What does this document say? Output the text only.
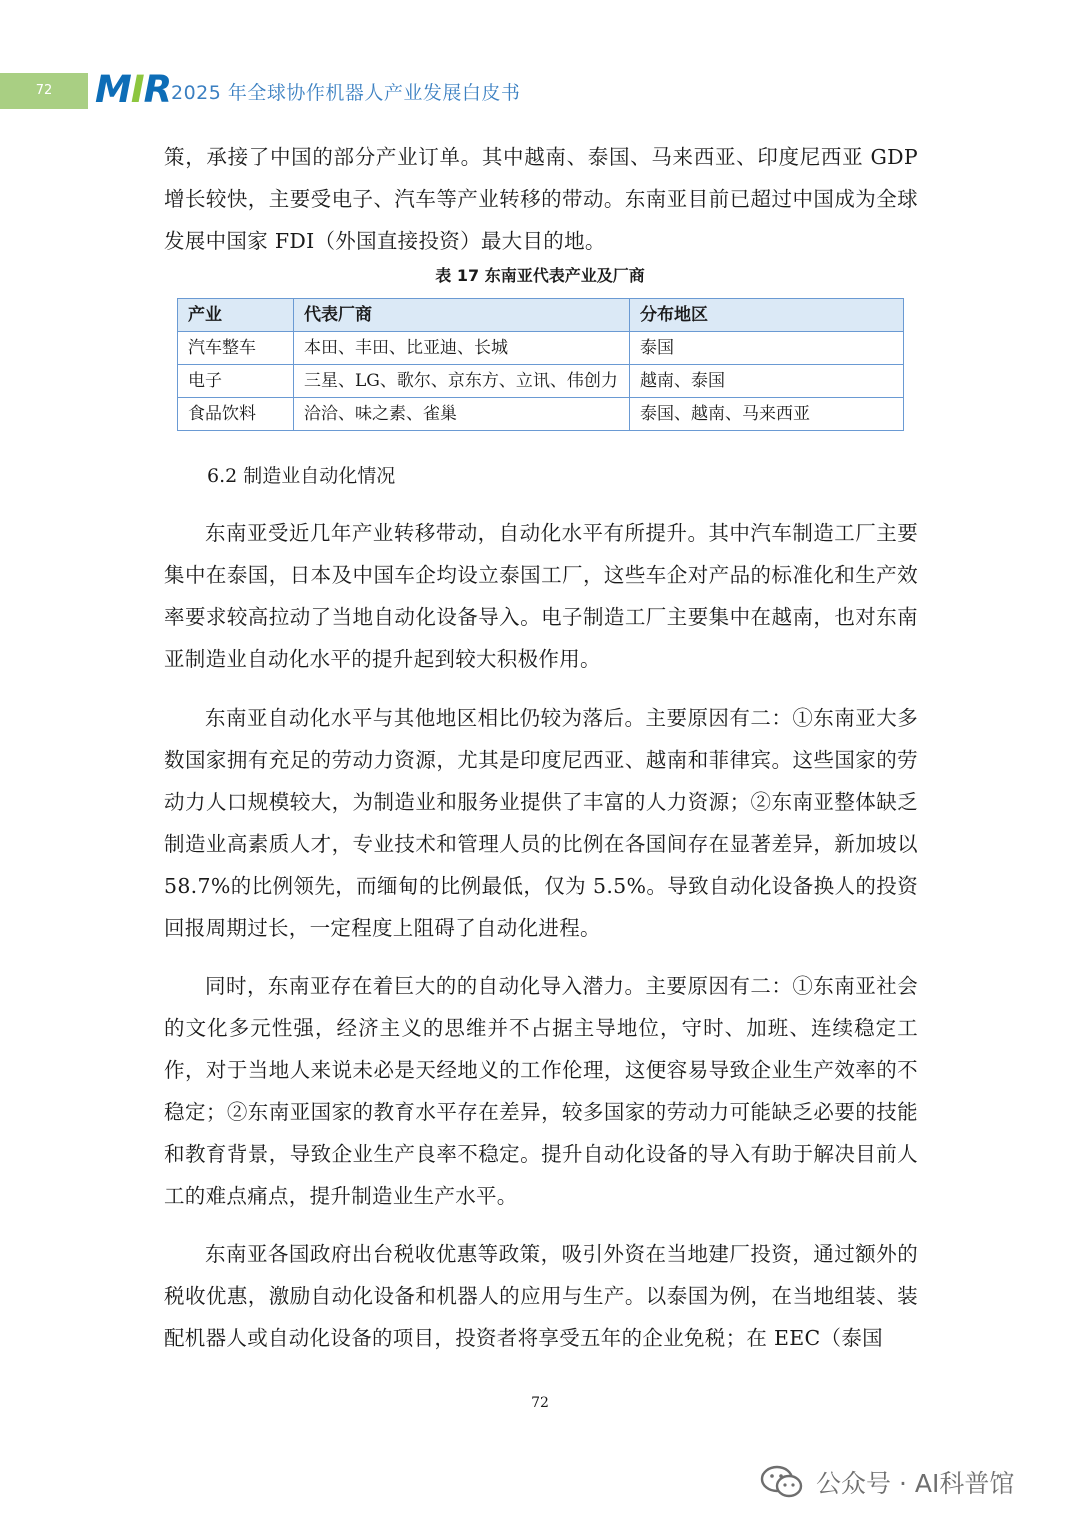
72	MIR 2025 年全球协作机器人产业发展白皮书

策，承接了中国的部分产业订单。其中越南、泰国、马来西亚、印度尼西亚 GDP 增长较快，主要受电子、汽车等产业转移的带动。东南亚目前已超过中国成为全球发展中国家 FDI（外国直接投资）最大目的地。

表 17 东南亚代表产业及厂商
产业	代表厂商	分布地区
汽车整车	本田、丰田、比亚迪、长城	泰国
电子	三星、LG、歌尔、京东方、立讯、伟创力	越南、泰国
食品饮料	洽洽、味之素、雀巢	泰国、越南、马来西亚
6.2 制造业自动化情况

东南亚受近几年产业转移带动，自动化水平有所提升。其中汽车制造工厂主要集中在泰国，日本及中国车企均设立泰国工厂，这些车企对产品的标准化和生产效率要求较高拉动了当地自动化设备导入。电子制造工厂主要集中在越南，也对东南亚制造业自动化水平的提升起到较大积极作用。

东南亚自动化水平与其他地区相比仍较为落后。主要原因有二：①东南亚大多数国家拥有充足的劳动力资源，尤其是印度尼西亚、越南和菲律宾。这些国家的劳动力人口规模较大，为制造业和服务业提供了丰富的人力资源；②东南亚整体缺乏制造业高素质人才，专业技术和管理人员的比例在各国间存在显著差异，新加坡以 58.7%的比例领先，而缅甸的比例最低，仅为 5.5%。导致自动化设备换人的投资回报周期过长，一定程度上阻碍了自动化进程。

同时，东南亚存在着巨大的的自动化导入潜力。主要原因有二：①东南亚社会的文化多元性强，经济主义的思维并不占据主导地位，守时、加班、连续稳定工作，对于当地人来说未必是天经地义的工作伦理，这便容易导致企业生产效率的不稳定；②东南亚国家的教育水平存在差异，较多国家的劳动力可能缺乏必要的技能和教育背景，导致企业生产良率不稳定。提升自动化设备的导入有助于解决目前人工的难点痛点，提升制造业生产水平。

东南亚各国政府出台税收优惠等政策，吸引外资在当地建厂投资，通过额外的税收优惠，激励自动化设备和机器人的应用与生产。以泰国为例，在当地组装、装配机器人或自动化设备的项目，投资者将享受五年的企业免税；在 EEC（泰国

72
公众号 · AI科普馆
